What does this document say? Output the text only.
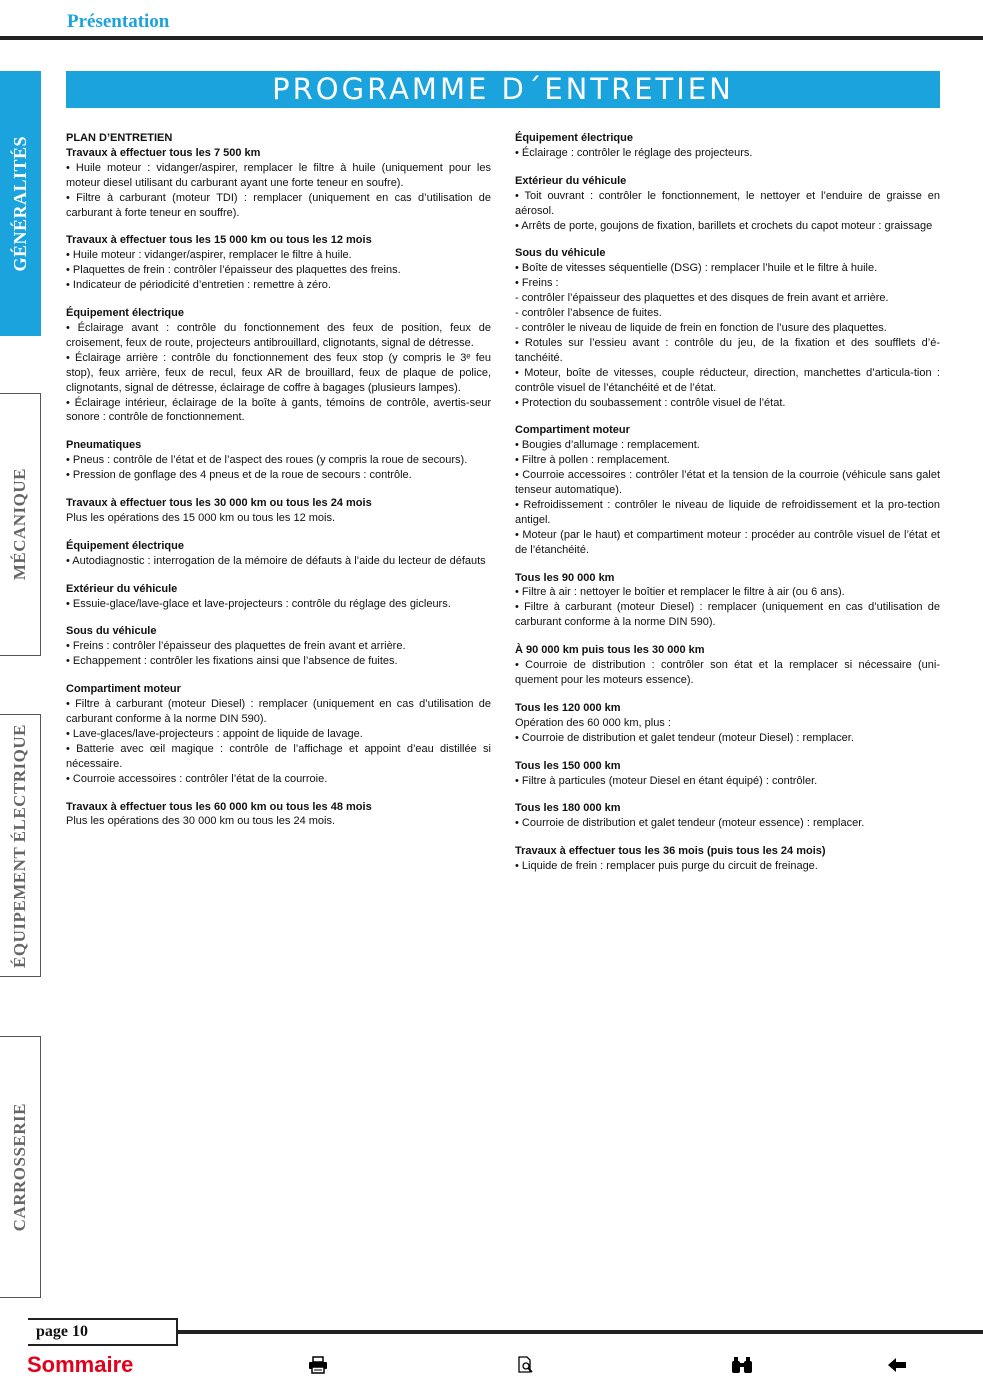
Présentation
PROGRAMME D´ENTRETIEN
GÉNÉRALITÉS
MÉCANIQUE
ÉQUIPEMENT ÉLECTRIQUE
CARROSSERIE
PLAN D’ENTRETIEN
Travaux à effectuer tous les 7 500 km

• Huile moteur : vidanger/aspirer, remplacer le filtre à huile (uniquement pour les moteur diesel utilisant du carburant ayant une forte teneur en soufre).
• Filtre à carburant (moteur TDI) : remplacer (uniquement en cas d’utilisation de carburant à forte teneur en souffre).

Travaux à effectuer tous les 15 000 km ou tous les 12 mois

• Huile moteur : vidanger/aspirer, remplacer le filtre à huile.
• Plaquettes de frein : contrôler l’épaisseur des plaquettes des freins.
• Indicateur de périodicité d’entretien : remettre à zéro.

Équipement électrique

• Éclairage avant : contrôle du fonctionnement des feux de position, feux de croisement, feux de route, projecteurs antibrouillard, clignotants, signal de détresse.
• Éclairage arrière : contrôle du fonctionnement des feux stop (y compris le 3ᵉ feu stop), feux arrière, feux de recul, feux AR de brouillard, feux de plaque de police, clignotants, signal de détresse, éclairage de coffre à bagages (plusieurs lampes).
• Éclairage intérieur, éclairage de la boîte à gants, témoins de contrôle, avertis-seur sonore : contrôle de fonctionnement.

Pneumatiques

• Pneus : contrôle de l’état et de l’aspect des roues (y compris la roue de secours).
• Pression de gonflage des 4 pneus et de la roue de secours : contrôle.

Travaux à effectuer tous les 30 000 km ou tous les 24 mois

Plus les opérations des 15 000 km ou tous les 12 mois.

Équipement électrique

• Autodiagnostic : interrogation de la mémoire de défauts à l’aide du lecteur de défauts

Extérieur du véhicule

• Essuie-glace/lave-glace et lave-projecteurs : contrôle du réglage des gicleurs.

Sous du véhicule

• Freins : contrôler l’épaisseur des plaquettes de frein avant et arrière.
• Echappement : contrôler les fixations ainsi que l’absence de fuites.

Compartiment moteur

• Filtre à carburant (moteur Diesel) : remplacer (uniquement en cas d’utilisation de carburant conforme à la norme DIN 590).
• Lave-glaces/lave-projecteurs : appoint de liquide de lavage.
• Batterie avec œil magique : contrôle de l’affichage et appoint d’eau distillée si nécessaire.
• Courroie accessoires : contrôler l’état de la courroie.

Travaux à effectuer tous les 60 000 km ou tous les 48 mois

Plus les opérations des 30 000 km ou tous les 24 mois.

Équipement électrique

• Éclairage : contrôler le réglage des projecteurs.

Extérieur du véhicule

• Toit ouvrant : contrôler le fonctionnement, le nettoyer et l’enduire de graisse en aérosol.
• Arrêts de porte, goujons de fixation, barillets et crochets du capot moteur : graissage

Sous du véhicule

• Boîte de vitesses séquentielle (DSG) : remplacer l’huile et le filtre à huile.
• Freins :
- contrôler l’épaisseur des plaquettes et des disques de frein avant et arrière.
- contrôler l’absence de fuites.
- contrôler le niveau de liquide de frein en fonction de l’usure des plaquettes.
• Rotules sur l’essieu avant : contrôle du jeu, de la fixation et des soufflets d’é-tanchéité.
• Moteur, boîte de vitesses, couple réducteur, direction, manchettes d’articula-tion : contrôle visuel de l’étanchéité et de l’état.
• Protection du soubassement : contrôle visuel de l’état.

Compartiment moteur

• Bougies d’allumage : remplacement.
• Filtre à pollen : remplacement.
• Courroie accessoires : contrôler l’état et la tension de la courroie (véhicule sans galet tenseur automatique).
• Refroidissement : contrôler le niveau de liquide de refroidissement et la pro-tection antigel.
• Moteur (par le haut) et compartiment moteur : procéder au contrôle visuel de l’état et de l’étanchéité.

Tous les 90 000 km

• Filtre à air : nettoyer le boîtier et remplacer le filtre à air (ou 6 ans).
• Filtre à carburant (moteur Diesel) : remplacer (uniquement en cas d’utilisation de carburant conforme à la norme DIN 590).

À 90 000 km puis tous les 30 000 km

• Courroie de distribution : contrôler son état et la remplacer si nécessaire (uni-quement pour les moteurs essence).

Tous les 120 000 km

Opération des 60 000 km, plus :
• Courroie de distribution et galet tendeur (moteur Diesel) : remplacer.

Tous les 150 000 km

• Filtre à particules (moteur Diesel en étant équipé) : contrôler.

Tous les 180 000 km

• Courroie de distribution et galet tendeur (moteur essence) : remplacer.

Travaux à effectuer tous les 36 mois (puis tous les 24 mois)

• Liquide de frein : remplacer puis purge du circuit de freinage.

page 10
Sommaire
